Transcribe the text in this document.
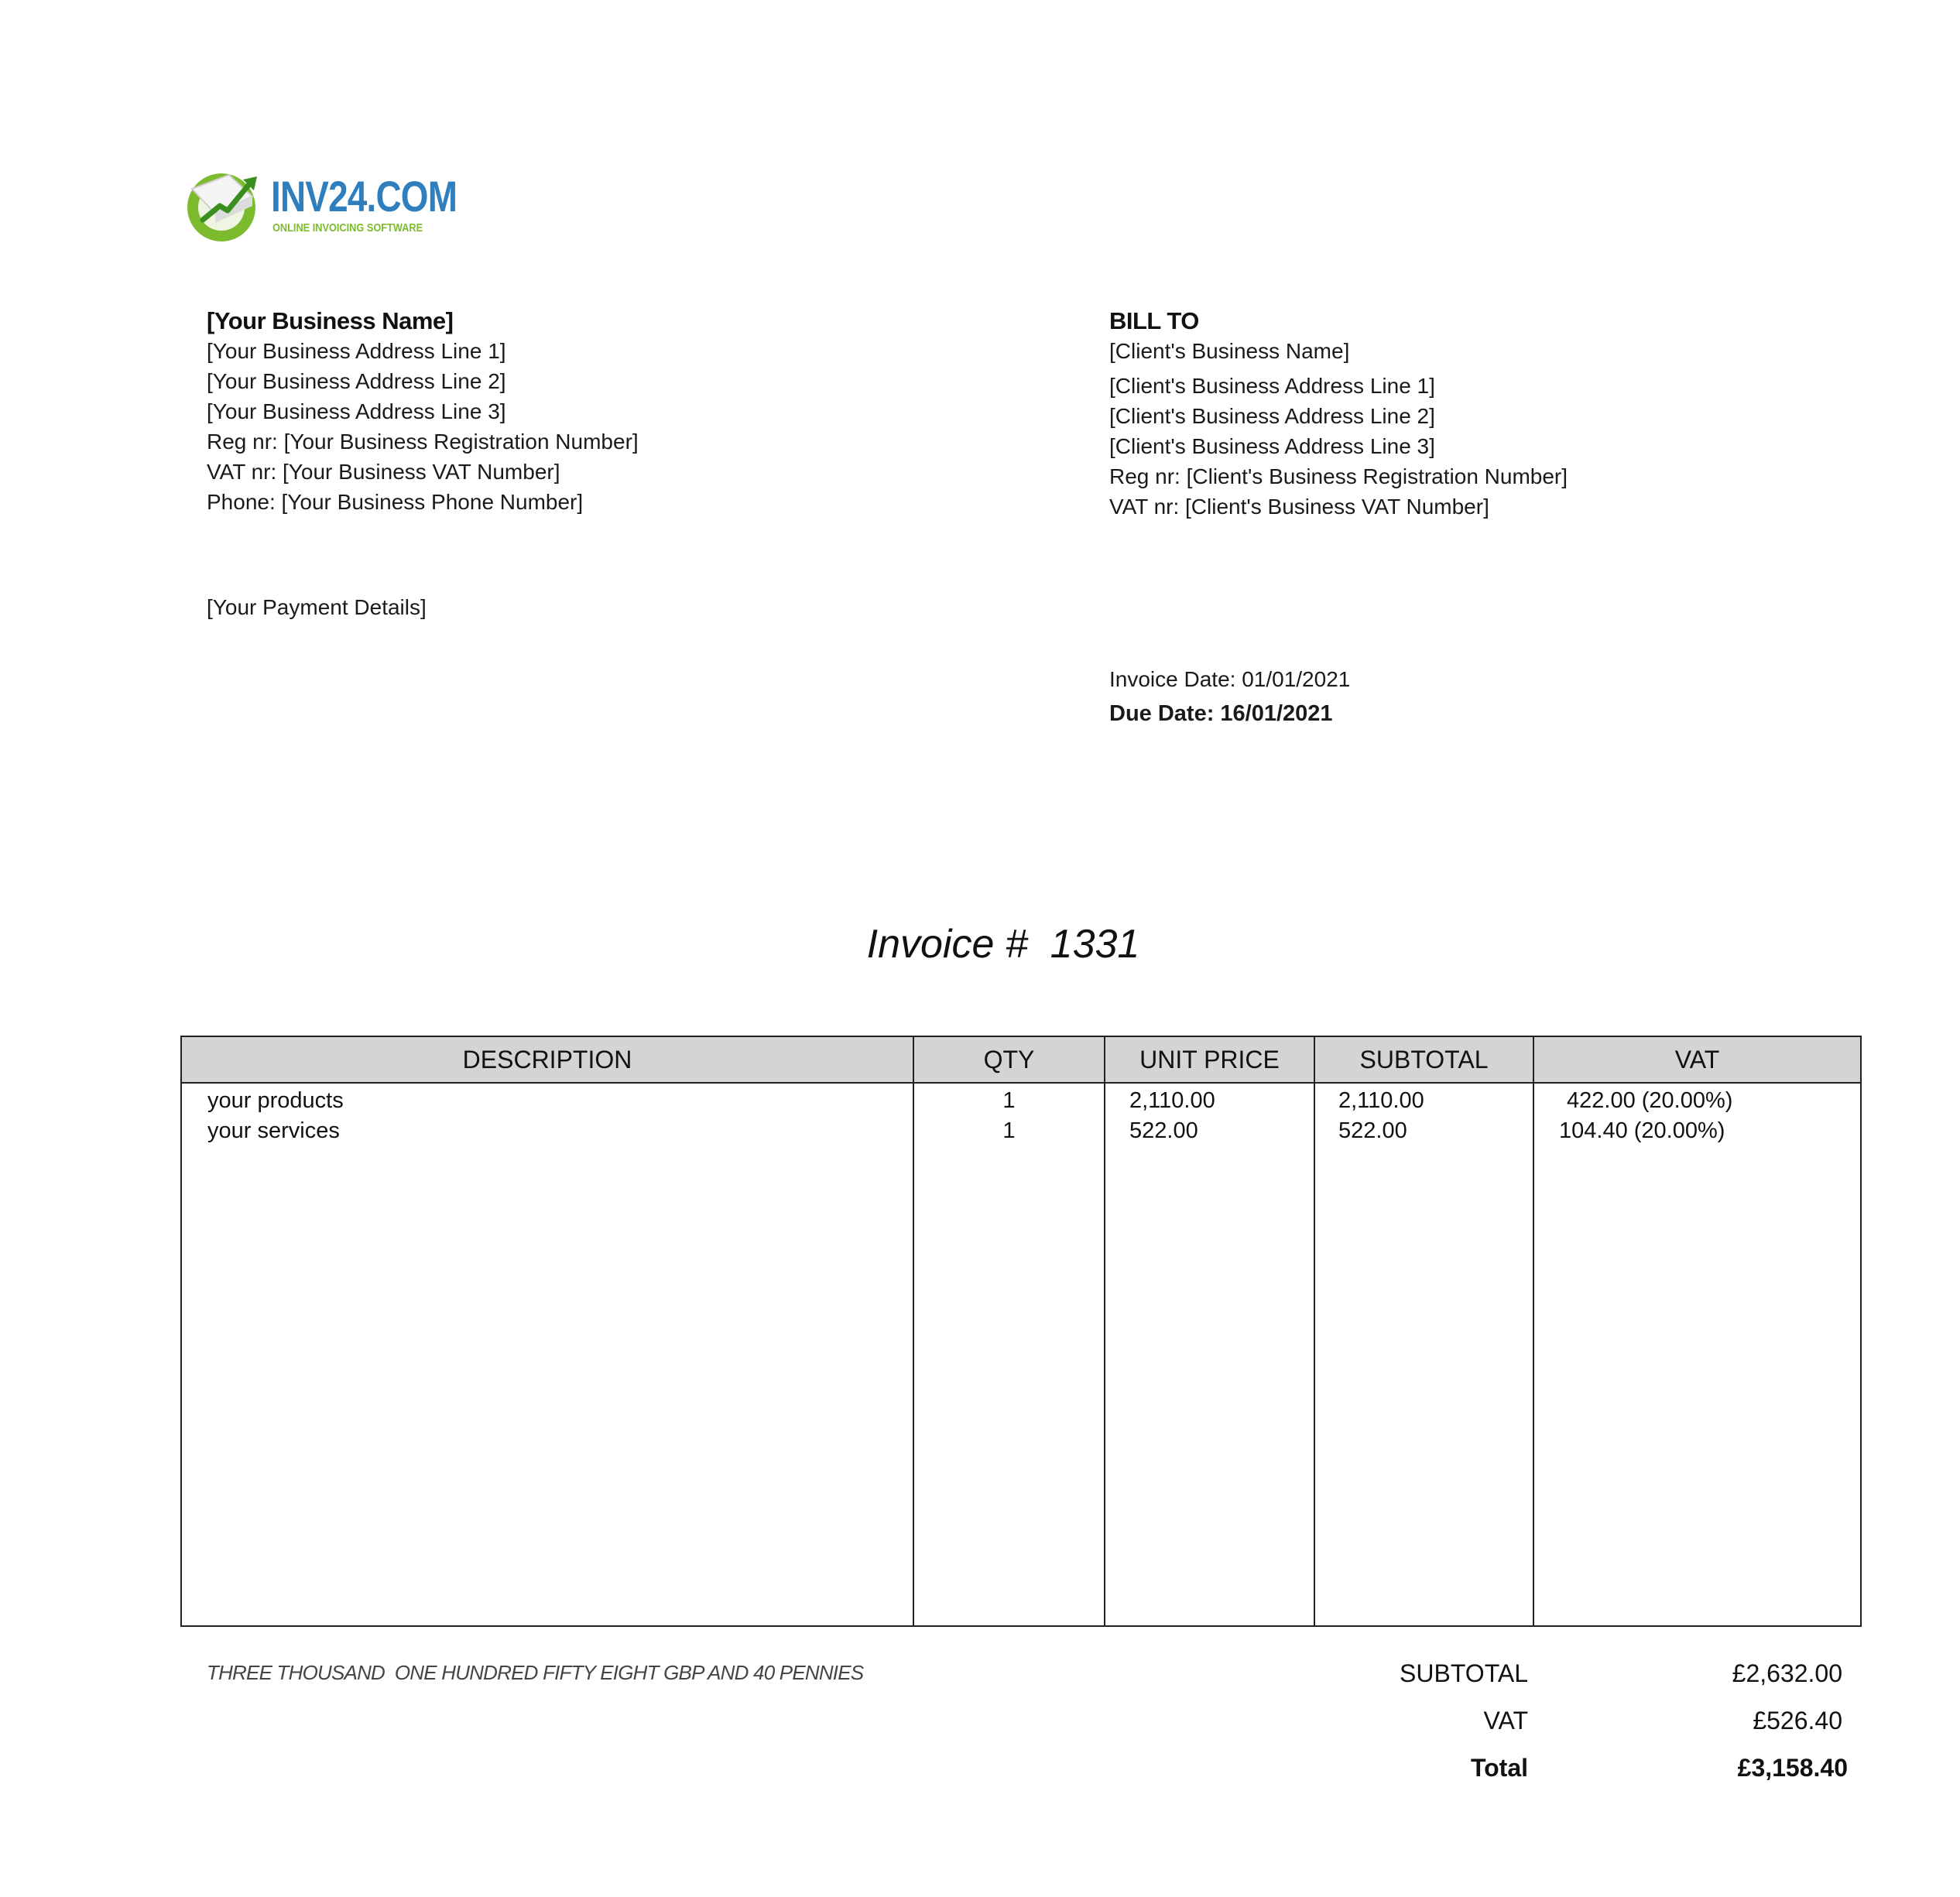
INV24.COM
ONLINE INVOICING SOFTWARE
[Your Business Name]
[Your Business Address Line 1]
[Your Business Address Line 2]
[Your Business Address Line 3]
Reg nr: [Your Business Registration Number]
VAT nr: [Your Business VAT Number]
Phone: [Your Business Phone Number]
[Your Payment Details]
BILL TO
[Client's Business Name]
[Client's Business Address Line 1]
[Client's Business Address Line 2]
[Client's Business Address Line 3]
Reg nr: [Client's Business Registration Number]
VAT nr: [Client's Business VAT Number]
Invoice Date: 01/01/2021
Due Date: 16/01/2021
Invoice #  1331
DESCRIPTION	QTY	UNIT PRICE	SUBTOTAL	VAT
your products	1	2,110.00	2,110.00	422.00 (20.00%)
your services	1	522.00	522.00	104.40 (20.00%)
THREE THOUSAND  ONE HUNDRED FIFTY EIGHT GBP AND 40 PENNIES	SUBTOTAL	£2,632.00
VAT	£526.40
Total	£3,158.40
